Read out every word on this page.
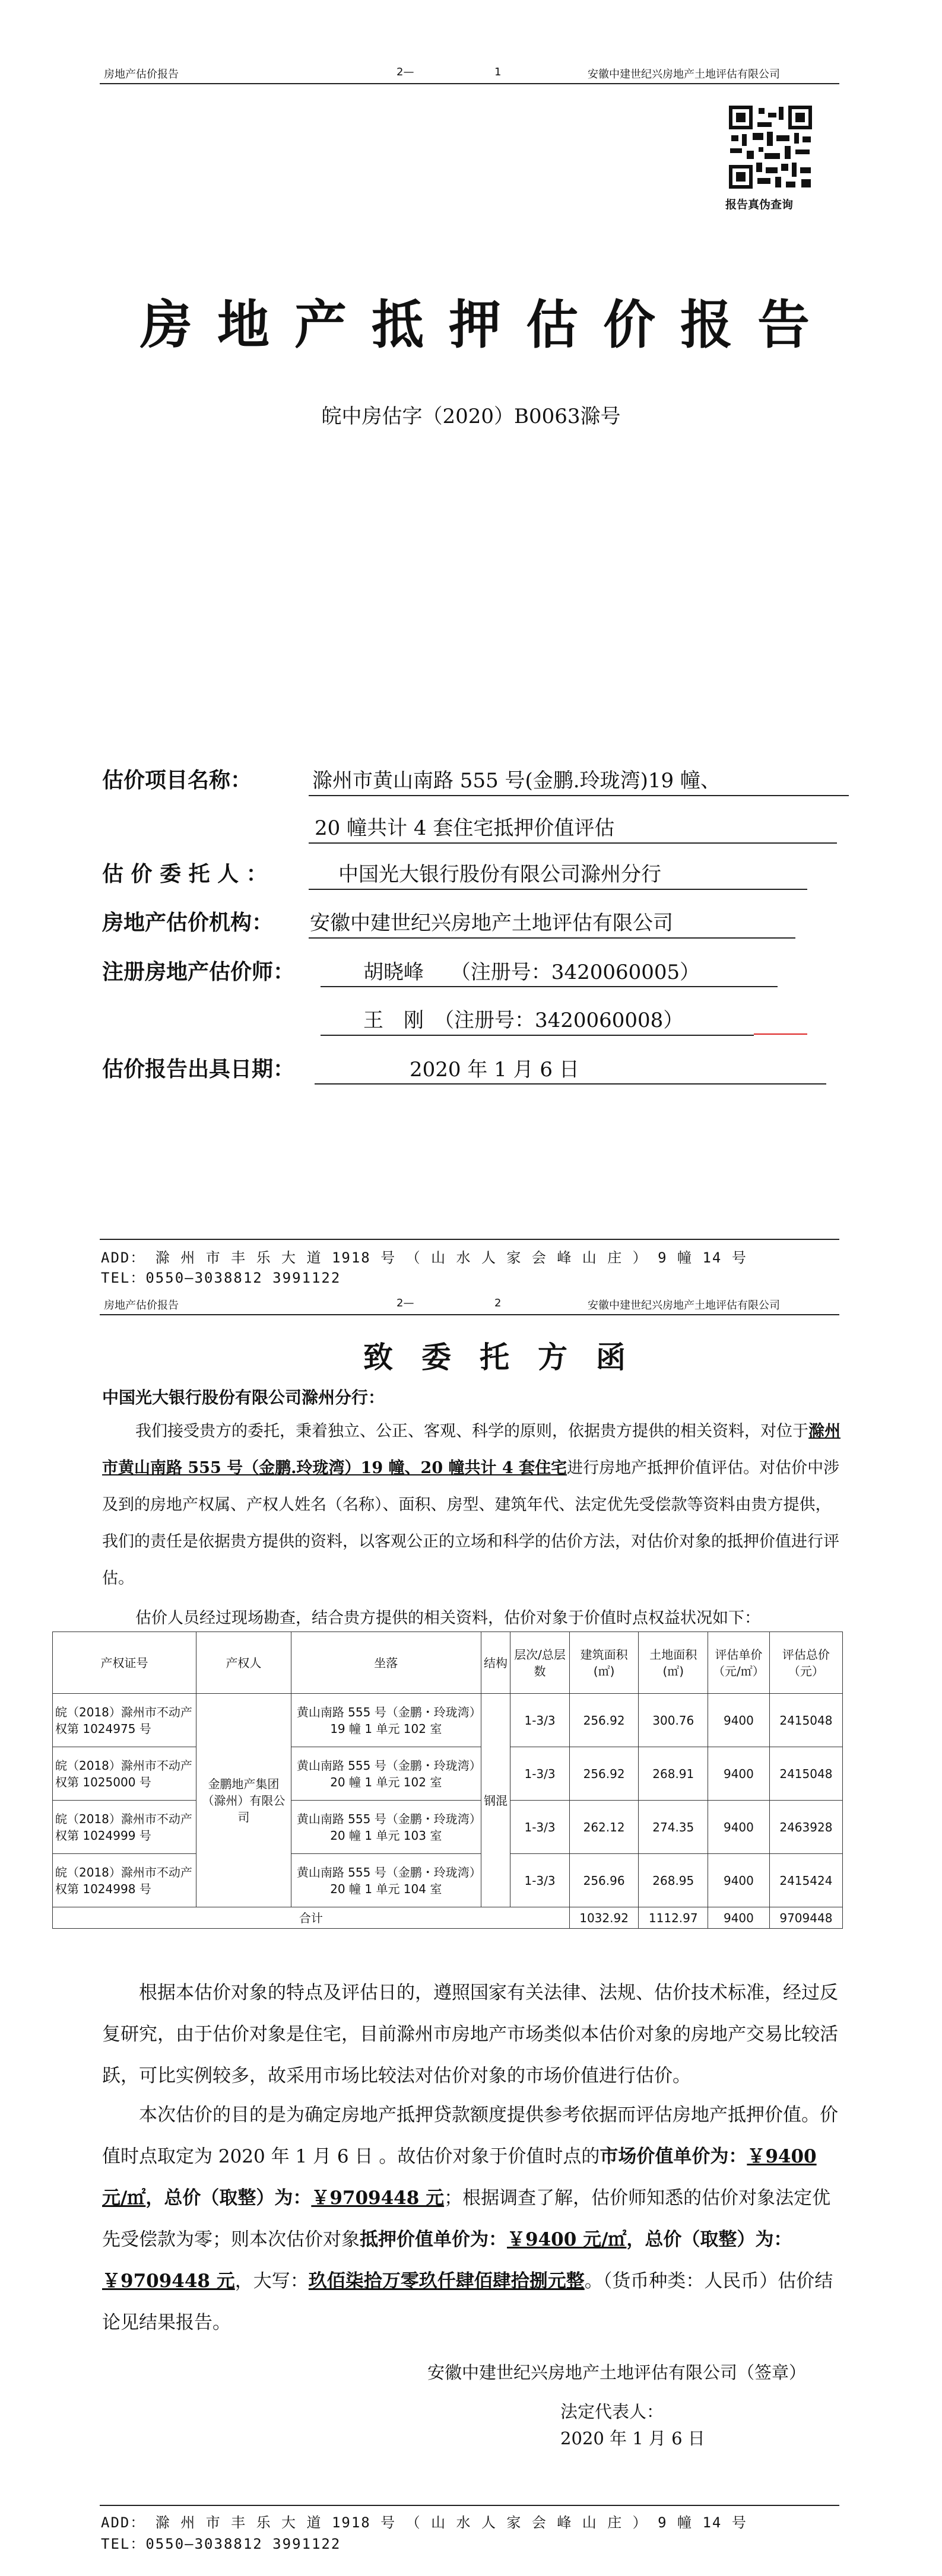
房地产估价报告	2—	1	安徽中建世纪兴房地产土地评估有限公司
报告真伪查询
房地产抵押估价报告
皖中房估字（2020）B0063滁号
估价项目名称：	滁州市黄山南路 555 号(金鹏.玲珑湾)19 幢、
20 幢共计 4 套住宅抵押价值评估
估 价 委 托 人 ：	中国光大银行股份有限公司滁州分行
房地产估价机构： 安徽中建世纪兴房地产土地评估有限公司
注册房地产估价师：	胡晓峰　 （注册号：3420060005）
王　刚　（注册号：3420060008）
估价报告出具日期：	2020 年 1 月 6 日
ADD： 滁 州 市 丰 乐 大 道 1918 号 （ 山 水 人 家 会 峰 山 庄 ） 9 幢 14 号
TEL：0550—3038812 3991122
房地产估价报告	2—	2	安徽中建世纪兴房地产土地评估有限公司
致委托方函
中国光大银行股份有限公司滁州分行：
我们接受贵方的委托，秉着独立、公正、客观、科学的原则，依据贵方提供的相关资料，对位于滁州市黄山南路 555 号（金鹏.玲珑湾）19 幢、20 幢共计 4 套住宅进行房地产抵押价值评估。对估价中涉及到的房地产权属、产权人姓名（名称）、面积、房型、建筑年代、法定优先受偿款等资料由贵方提供，我们的责任是依据贵方提供的资料，以客观公正的立场和科学的估价方法，对估价对象的抵押价值进行评估。
估价人员经过现场勘查，结合贵方提供的相关资料，估价对象于价值时点权益状况如下：
产权证号	产权人	坐落	结构	层次/总层数	建筑面积(㎡)	土地面积(㎡)	评估单价（元/㎡）	评估总价（元）
皖（2018）滁州市不动产权第 1024975 号	金鹏地产集团（滁州）有限公司	黄山南路 555 号（金鹏・玲珑湾）19 幢 1 单元 102 室	钢混	1-3/3	256.92	300.76	9400	2415048
皖（2018）滁州市不动产权第 1025000 号		黄山南路 555 号（金鹏・玲珑湾）20 幢 1 单元 102 室		1-3/3	256.92	268.91	9400	2415048
皖（2018）滁州市不动产权第 1024999 号		黄山南路 555 号（金鹏・玲珑湾）20 幢 1 单元 103 室		1-3/3	262.12	274.35	9400	2463928
皖（2018）滁州市不动产权第 1024998 号		黄山南路 555 号（金鹏・玲珑湾）20 幢 1 单元 104 室		1-3/3	256.96	268.95	9400	2415424
合计					1032.92	1112.97	9400	9709448
根据本估价对象的特点及评估日的，遵照国家有关法律、法规、估价技术标准，经过反复研究，由于估价对象是住宅，目前滁州市房地产市场类似本估价对象的房地产交易比较活跃，可比实例较多，故采用市场比较法对估价对象的市场价值进行估价。
本次估价的目的是为确定房地产抵押贷款额度提供参考依据而评估房地产抵押价值。价值时点取定为 2020 年 1 月 6 日 。故估价对象于价值时点的市场价值单价为：￥9400 元/㎡，总价（取整）为：￥9709448 元；根据调查了解，估价师知悉的估价对象法定优先受偿款为零；则本次估价对象抵押价值单价为：￥9400 元/㎡，总价（取整）为：￥9709448 元，大写：玖佰柒拾万零玖仟肆佰肆拾捌元整。（货币种类：人民币）估价结论见结果报告。
安徽中建世纪兴房地产土地评估有限公司（签章）
法定代表人：
2020 年 1 月 6 日
ADD： 滁 州 市 丰 乐 大 道 1918 号 （ 山 水 人 家 会 峰 山 庄 ） 9 幢 14 号
TEL：0550—3038812 3991122
